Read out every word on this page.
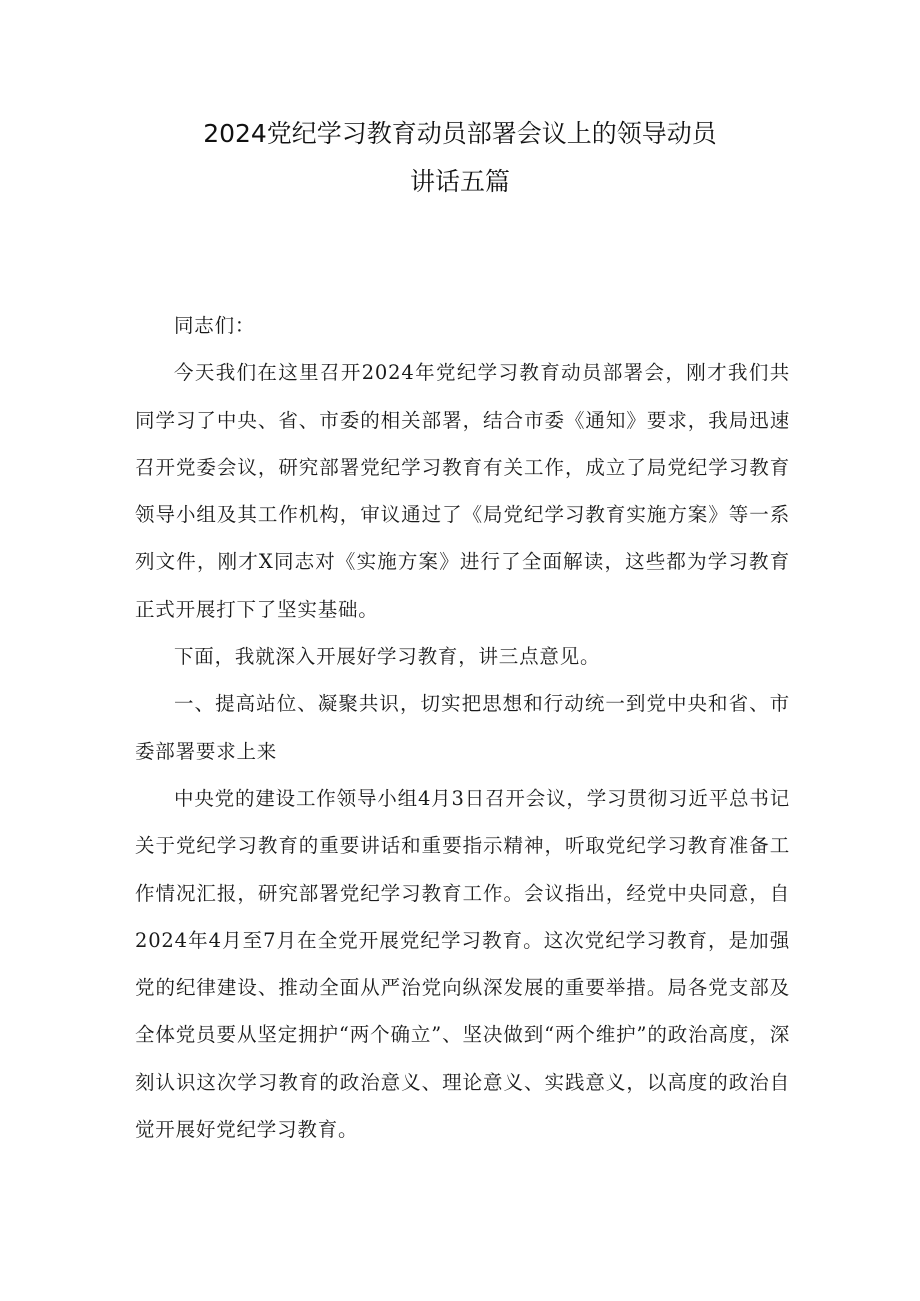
2024党纪学习教育动员部署会议上的领导动员
讲话五篇

同志们：

今天我们在这里召开2024年党纪学习教育动员部署会，刚才我们共同学习了中央、省、市委的相关部署，结合市委《通知》要求，我局迅速召开党委会议，研究部署党纪学习教育有关工作，成立了局党纪学习教育领导小组及其工作机构，审议通过了《局党纪学习教育实施方案》等一系列文件，刚才X同志对《实施方案》进行了全面解读，这些都为学习教育正式开展打下了坚实基础。

下面，我就深入开展好学习教育，讲三点意见。

一、提高站位、凝聚共识，切实把思想和行动统一到党中央和省、市委部署要求上来

中央党的建设工作领导小组4月3日召开会议，学习贯彻习近平总书记关于党纪学习教育的重要讲话和重要指示精神，听取党纪学习教育准备工作情况汇报，研究部署党纪学习教育工作。会议指出，经党中央同意，自2024年4月至7月在全党开展党纪学习教育。这次党纪学习教育，是加强党的纪律建设、推动全面从严治党向纵深发展的重要举措。局各党支部及全体党员要从坚定拥护“两个确立”、坚决做到“两个维护”的政治高度，深刻认识这次学习教育的政治意义、理论意义、实践意义，以高度的政治自觉开展好党纪学习教育。
